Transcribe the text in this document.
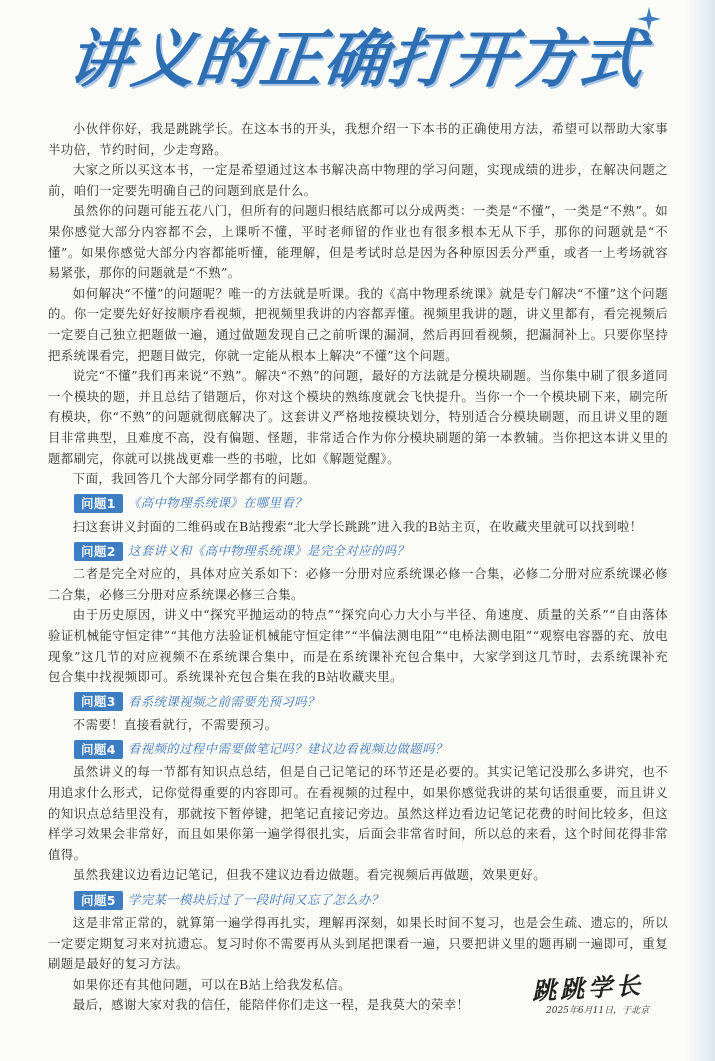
讲义的正确打开方式

小伙伴你好，我是跳跳学长。在这本书的开头，我想介绍一下本书的正确使用方法，希望可以帮助大家事半功倍，节约时间，少走弯路。

大家之所以买这本书，一定是希望通过这本书解决高中物理的学习问题，实现成绩的进步，在解决问题之前，咱们一定要先明确自己的问题到底是什么。

虽然你的问题可能五花八门，但所有的问题归根结底都可以分成两类：一类是“不懂”，一类是“不熟”。如果你感觉大部分内容都不会，上课听不懂，平时老师留的作业也有很多根本无从下手，那你的问题就是“不懂”。如果你感觉大部分内容都能听懂，能理解，但是考试时总是因为各种原因丢分严重，或者一上考场就容易紧张，那你的问题就是“不熟”。

如何解决“不懂”的问题呢？唯一的方法就是听课。我的《高中物理系统课》就是专门解决“不懂”这个问题的。你一定要先好好按顺序看视频，把视频里我讲的内容都弄懂。视频里我讲的题，讲义里都有，看完视频后一定要自己独立把题做一遍，通过做题发现自己之前听课的漏洞，然后再回看视频，把漏洞补上。只要你坚持把系统课看完，把题目做完，你就一定能从根本上解决“不懂”这个问题。

说完“不懂”我们再来说“不熟”。解决“不熟”的问题，最好的方法就是分模块刷题。当你集中刷了很多道同一个模块的题，并且总结了错题后，你对这个模块的熟练度就会飞快提升。当你一个一个模块刷下来，刷完所有模块，你“不熟”的问题就彻底解决了。这套讲义严格地按模块划分，特别适合分模块刷题，而且讲义里的题目非常典型，且难度不高，没有偏题、怪题，非常适合作为你分模块刷题的第一本教辅。当你把这本讲义里的题都刷完，你就可以挑战更难一些的书啦，比如《解题觉醒》。

下面，我回答几个大部分同学都有的问题。

问题1 《高中物理系统课》在哪里看？

扫这套讲义封面的二维码或在B站搜索“北大学长跳跳”进入我的B站主页，在收藏夹里就可以找到啦！

问题2 这套讲义和《高中物理系统课》是完全对应的吗？

二者是完全对应的，具体对应关系如下：必修一分册对应系统课必修一合集，必修二分册对应系统课必修二合集，必修三分册对应系统课必修三合集。

由于历史原因，讲义中“探究平抛运动的特点”“探究向心力大小与半径、角速度、质量的关系”“自由落体验证机械能守恒定律”“其他方法验证机械能守恒定律”“半偏法测电阻”“电桥法测电阻”“观察电容器的充、放电现象”这几节的对应视频不在系统课合集中，而是在系统课补充包合集中，大家学到这几节时，去系统课补充包合集中找视频即可。系统课补充包合集在我的B站收藏夹里。

问题3 看系统课视频之前需要先预习吗？

不需要！直接看就行，不需要预习。

问题4 看视频的过程中需要做笔记吗？建议边看视频边做题吗？

虽然讲义的每一节都有知识点总结，但是自己记笔记的环节还是必要的。其实记笔记没那么多讲究，也不用追求什么形式，记你觉得重要的内容即可。在看视频的过程中，如果你感觉我讲的某句话很重要，而且讲义的知识点总结里没有，那就按下暂停键，把笔记直接记旁边。虽然这样边看边记笔记花费的时间比较多，但这样学习效果会非常好，而且如果你第一遍学得很扎实，后面会非常省时间，所以总的来看，这个时间花得非常值得。

虽然我建议边看边记笔记，但我不建议边看边做题。看完视频后再做题，效果更好。

问题5 学完某一模块后过了一段时间又忘了怎么办？

这是非常正常的，就算第一遍学得再扎实，理解再深刻，如果长时间不复习，也是会生疏、遗忘的，所以一定要定期复习来对抗遗忘。复习时你不需要再从头到尾把课看一遍，只要把讲义里的题再刷一遍即可，重复刷题是最好的复习方法。

如果你还有其他问题，可以在B站上给我发私信。

最后，感谢大家对我的信任，能陪伴你们走这一程，是我莫大的荣幸！	跳跳学长
2025年6月11日，于北京
